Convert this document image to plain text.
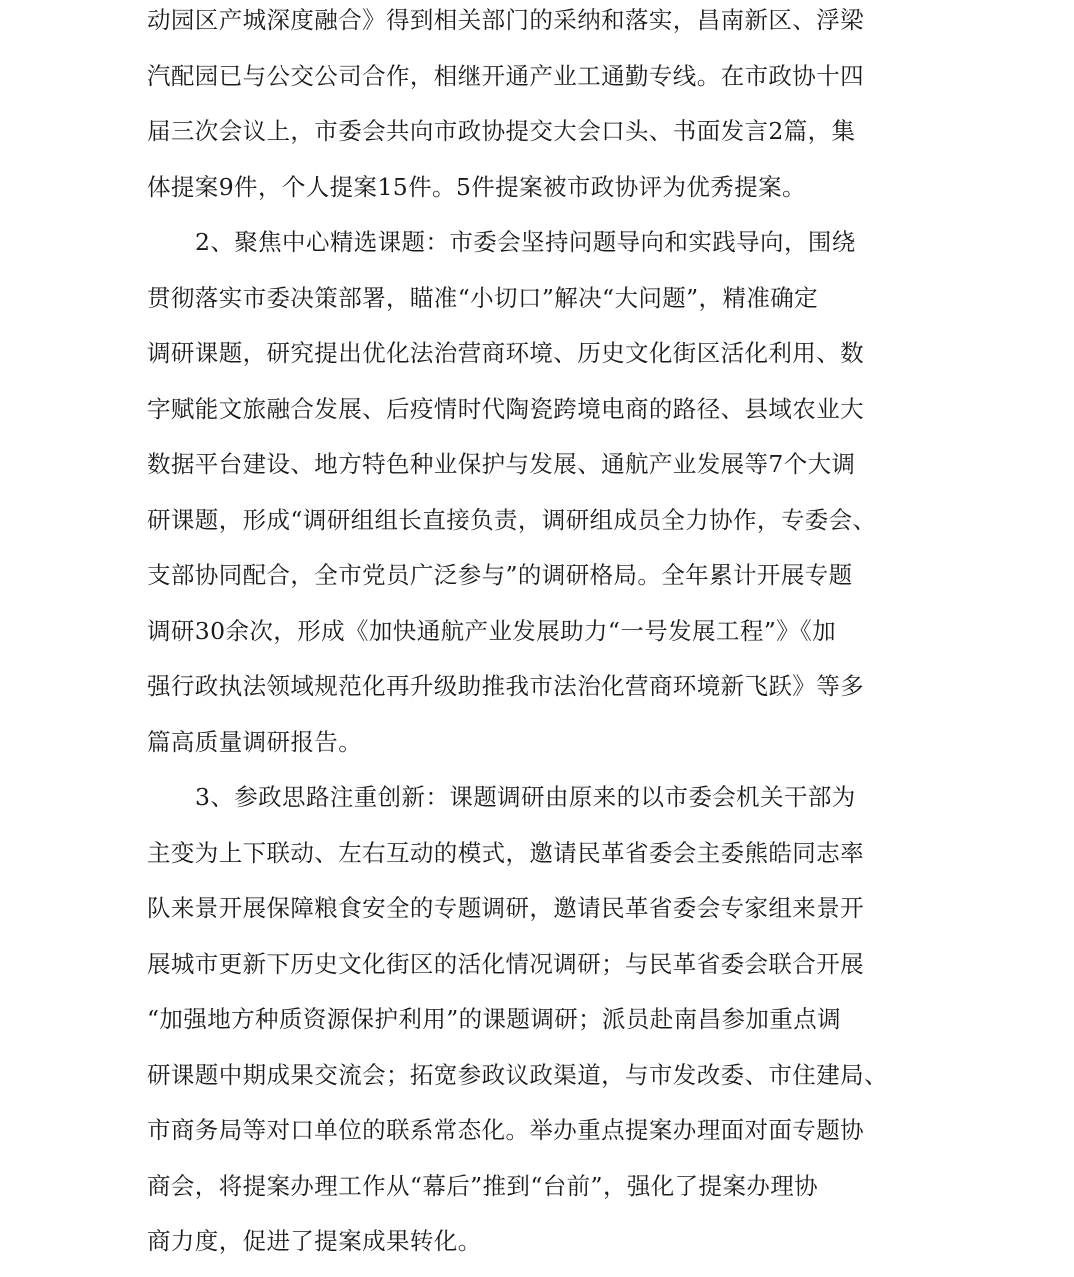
动园区产城深度融合》得到相关部门的采纳和落实，昌南新区、浮梁
汽配园已与公交公司合作，相继开通产业工通勤专线。在市政协十四
届三次会议上，市委会共向市政协提交大会口头、书面发言2篇，集
体提案9件，个人提案15件。5件提案被市政协评为优秀提案。
2、聚焦中心精选课题：市委会坚持问题导向和实践导向，围绕
贯彻落实市委决策部署，瞄准“小切口”解决“大问题”，精准确定
调研课题，研究提出优化法治营商环境、历史文化街区活化利用、数
字赋能文旅融合发展、后疫情时代陶瓷跨境电商的路径、县域农业大
数据平台建设、地方特色种业保护与发展、通航产业发展等7个大调
研课题，形成“调研组组长直接负责，调研组成员全力协作，专委会、
支部协同配合，全市党员广泛参与”的调研格局。全年累计开展专题
调研30余次，形成《加快通航产业发展助力“一号发展工程”》《加
强行政执法领域规范化再升级助推我市法治化营商环境新飞跃》等多
篇高质量调研报告。
3、参政思路注重创新：课题调研由原来的以市委会机关干部为
主变为上下联动、左右互动的模式，邀请民革省委会主委熊皓同志率
队来景开展保障粮食安全的专题调研，邀请民革省委会专家组来景开
展城市更新下历史文化街区的活化情况调研；与民革省委会联合开展
“加强地方种质资源保护利用”的课题调研；派员赴南昌参加重点调
研课题中期成果交流会；拓宽参政议政渠道，与市发改委、市住建局、
市商务局等对口单位的联系常态化。举办重点提案办理面对面专题协
商会，将提案办理工作从“幕后”推到“台前”，强化了提案办理协
商力度，促进了提案成果转化。
